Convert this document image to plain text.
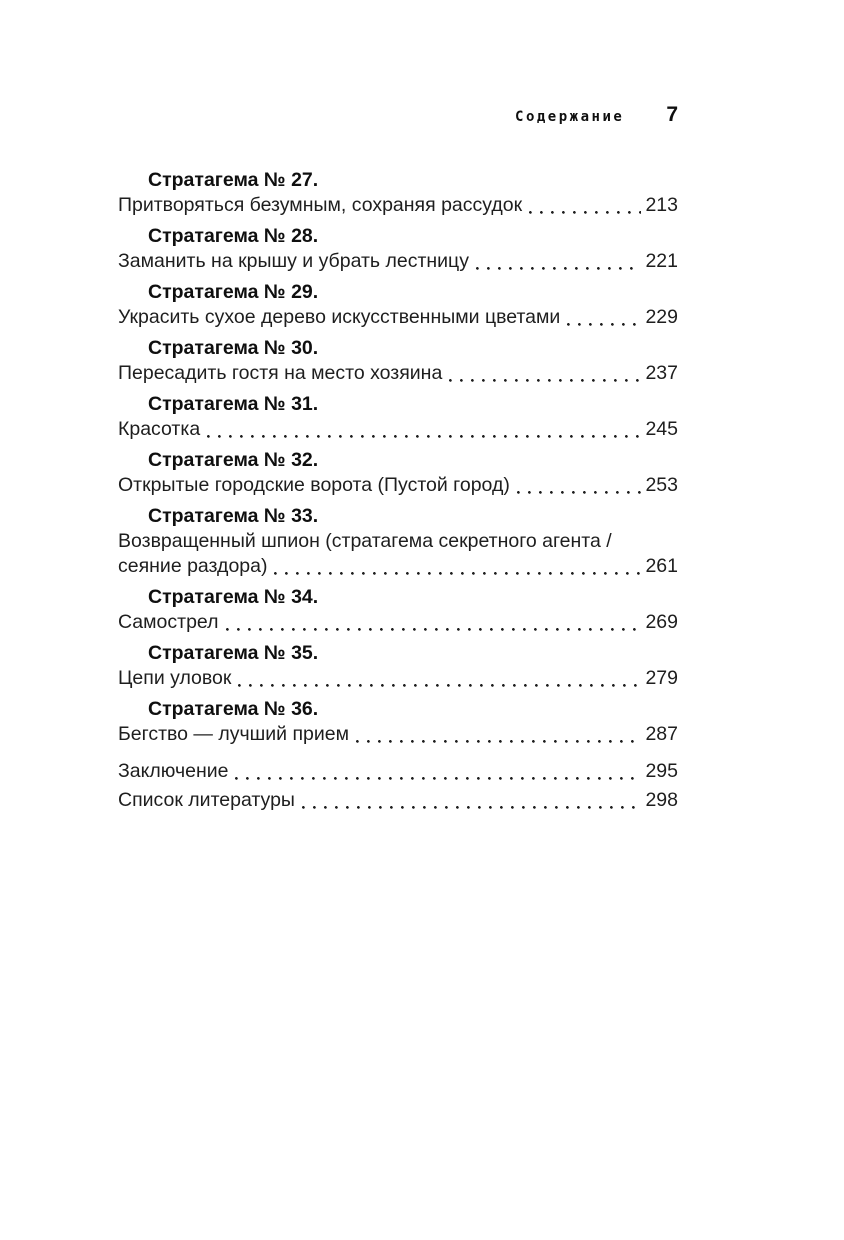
Содержание 7
Стратагема № 27.
Притворяться безумным, сохраняя рассудок	213
Стратагема № 28.
Заманить на крышу и убрать лестницу	221
Стратагема № 29.
Украсить сухое дерево искусственными цветами	229
Стратагема № 30.
Пересадить гостя на место хозяина	237
Стратагема № 31.
Красотка	245
Стратагема № 32.
Открытые городские ворота (Пустой город)	253
Стратагема № 33.
Возвращенный шпион (стратагема секретного агента /
сеяние раздора)	261
Стратагема № 34.
Самострел	269
Стратагема № 35.
Цепи уловок	279
Стратагема № 36.
Бегство — лучший прием	287
Заключение	295
Список литературы	298
